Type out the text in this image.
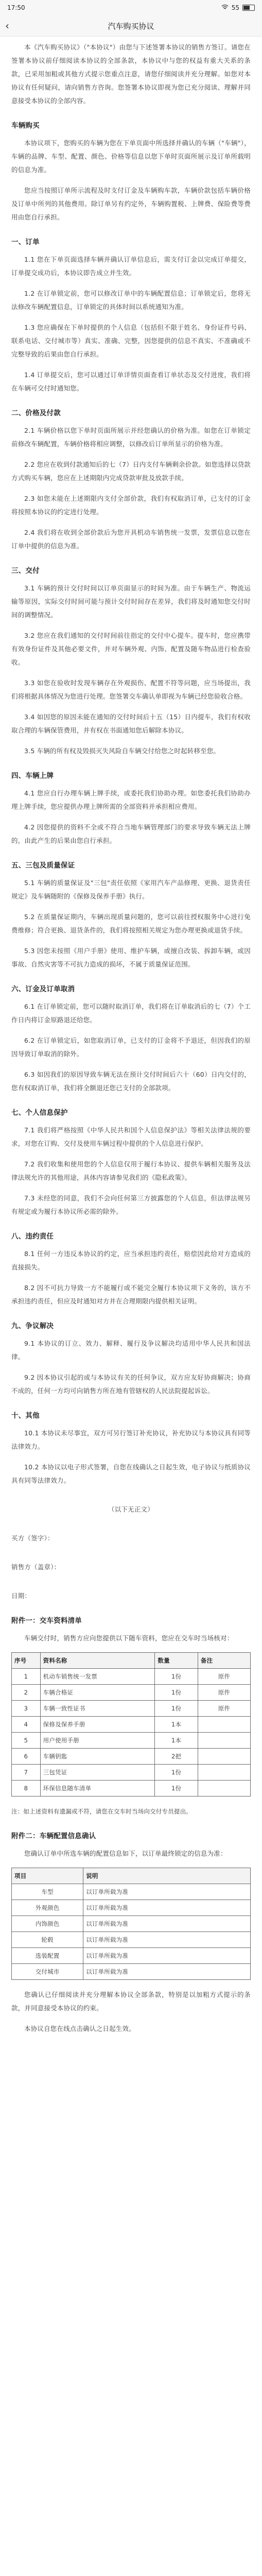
17:50	55
‹	汽车购买协议

本《汽车购买协议》（"本协议"）由您与下述签署本协议的销售方签订。请您在签署本协议前仔细阅读本协议的全部条款，本协议中与您的权益有重大关系的条款，已采用加粗或其他方式提示您重点注意，请您仔细阅读并充分理解。如您对本协议有任何疑问，请向销售方咨询。您签署本协议即视为您已充分阅读、理解并同意接受本协议的全部内容。

车辆购买

本协议项下，您购买的车辆为您在下单页面中所选择并确认的车辆（"车辆"），车辆的品牌、车型、配置、颜色、价格等信息以您下单时页面所展示及订单所载明的信息为准。

您应当按照订单所示流程及时支付订金及车辆购车款，车辆价款包括车辆价格及订单中所列的其他费用。除订单另有约定外，车辆购置税、上牌费、保险费等费用由您自行承担。

一、订单

1.1 您在下单页面选择车辆并确认订单信息后，需支付订金以完成订单提交，订单提交成功后，本协议即告成立并生效。

1.2 在订单锁定前，您可以修改订单中的车辆配置信息；订单锁定后，您将无法修改车辆配置信息，订单锁定的具体时间以系统通知为准。

1.3 您应确保在下单时提供的个人信息（包括但不限于姓名、身份证件号码、联系电话、交付城市等）真实、准确、完整，因您提供的信息不真实、不准确或不完整导致的后果由您自行承担。

1.4 订单提交后，您可以通过订单详情页面查看订单状态及交付进度，我们将在车辆可交付时通知您。

二、价格及付款

2.1 车辆价格以您下单时页面所展示并经您确认的价格为准。如您在订单锁定前修改车辆配置，车辆价格将相应调整，以修改后订单所显示的价格为准。

2.2 您应在收到付款通知后的七（7）日内支付车辆剩余价款。如您选择以贷款方式购买车辆，您应在上述期限内完成贷款审批及放款手续。

2.3 如您未能在上述期限内支付全部价款，我们有权取消订单，已支付的订金将按照本协议的约定进行处理。

2.4 我们将在收到全部价款后为您开具机动车销售统一发票，发票信息以您在订单中提供的信息为准。

三、交付

3.1 车辆的预计交付时间以订单页面显示的时间为准。由于车辆生产、物流运输等原因，实际交付时间可能与预计交付时间存在差异，我们将及时通知您交付时间的调整情况。

3.2 您应在我们通知的交付时间前往指定的交付中心提车。提车时，您应携带有效身份证件及其他必要文件，并对车辆外观、内饰、配置及随车物品进行检查验收。

3.3 如您在验收时发现车辆存在外观损伤、配置不符等问题，应当场提出，我们将根据具体情况为您进行处理。您签署交车确认单即视为车辆已经您验收合格。

3.4 如因您的原因未能在通知的交付时间后十五（15）日内提车，我们有权收取合理的车辆保管费用，并有权在书面通知您后解除本协议。

3.5 车辆的所有权及毁损灭失风险自车辆交付给您之时起转移至您。

四、车辆上牌

4.1 您应自行办理车辆上牌手续，或委托我们协助办理。如您委托我们协助办理上牌手续，您应提供办理上牌所需的全部资料并承担相应费用。

4.2 因您提供的资料不全或不符合当地车辆管理部门的要求导致车辆无法上牌的，由此产生的后果由您自行承担。

五、三包及质量保证

5.1 车辆的质量保证及"三包"责任依照《家用汽车产品修理、更换、退货责任规定》及车辆随附的《保修及保养手册》执行。

5.2 在质量保证期内，车辆出现质量问题的，您可以前往授权服务中心进行免费维修；符合更换、退货条件的，我们将按照相关规定为您办理更换或退货手续。

5.3 因您未按照《用户手册》使用、维护车辆，或擅自改装、拆卸车辆，或因事故、自然灾害等不可抗力造成的损坏，不属于质量保证范围。

六、订金及订单取消

6.1 在订单锁定前，您可以随时取消订单，我们将在订单取消后的七（7）个工作日内将订金原路退还给您。

6.2 在订单锁定后，如您取消订单，已支付的订金将不予退还，但因我们的原因导致订单取消的除外。

6.3 如因我们的原因导致车辆无法在预计交付时间后六十（60）日内交付的，您有权取消订单，我们将全额退还您已支付的全部款项。

七、个人信息保护

7.1 我们将严格按照《中华人民共和国个人信息保护法》等相关法律法规的要求，对您在订购、交付及使用车辆过程中提供的个人信息进行保护。

7.2 我们收集和使用您的个人信息仅用于履行本协议、提供车辆相关服务及法律法规允许的其他用途，具体内容请参见我们的《隐私政策》。

7.3 未经您的同意，我们不会向任何第三方披露您的个人信息，但法律法规另有规定或为履行本协议所必需的除外。

八、违约责任

8.1 任何一方违反本协议的约定，应当承担违约责任，赔偿因此给对方造成的直接损失。

8.2 因不可抗力导致一方不能履行或不能完全履行本协议项下义务的，该方不承担违约责任，但应及时通知对方并在合理期限内提供相关证明。

九、争议解决

9.1 本协议的订立、效力、解释、履行及争议解决均适用中华人民共和国法律。

9.2 因本协议引起的或与本协议有关的任何争议，双方应友好协商解决；协商不成的，任何一方均可向销售方所在地有管辖权的人民法院提起诉讼。

十、其他

10.1 本协议未尽事宜，双方可另行签订补充协议，补充协议与本协议具有同等法律效力。

10.2 本协议以电子形式签署，自您在线确认之日起生效，电子协议与纸质协议具有同等法律效力。

（以下无正文）

买方（签字）：

销售方（盖章）：

日期：

附件一：交车资料清单

车辆交付时，销售方应向您提供以下随车资料，您应在交车时当场核对：

序号	资料名称	数量	备注
1	机动车销售统一发票	1份	原件
2	车辆合格证	1份	原件
3	车辆一致性证书	1份	原件
4	保修及保养手册	1本	
5	用户使用手册	1本	
6	车辆钥匙	2把	
7	三包凭证	1份	
8	环保信息随车清单	1份	

注：如上述资料有遗漏或不符，请您在交车时当场向交付专员提出。

附件二：车辆配置信息确认

您确认订单中所选车辆的配置信息如下，以订单最终锁定的信息为准：

项目	说明
车型	以订单所载为准
外观颜色	以订单所载为准
内饰颜色	以订单所载为准
轮毂	以订单所载为准
选装配置	以订单所载为准
交付城市	以订单所载为准

您确认已仔细阅读并充分理解本协议全部条款，特别是以加粗方式提示的条款，并同意接受本协议的约束。

本协议自您在线点击确认之日起生效。
